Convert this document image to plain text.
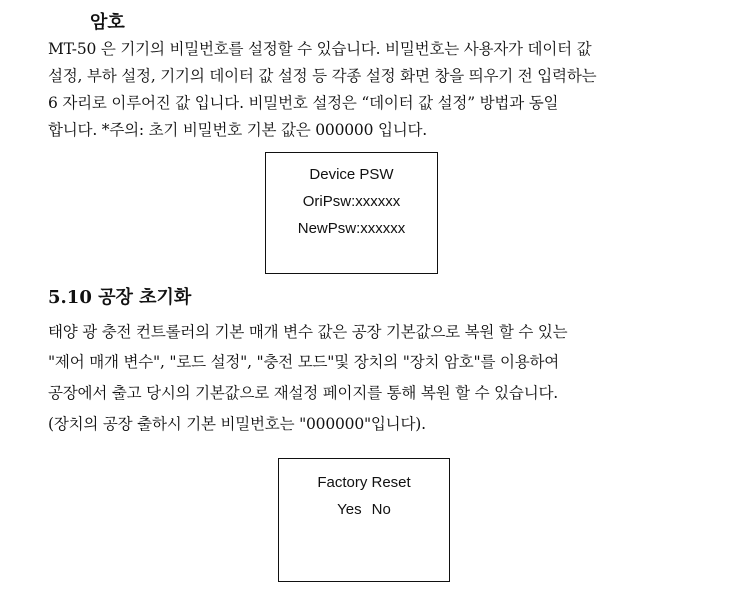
암호
MT-50 은 기기의 비밀번호를 설정할 수 있습니다. 비밀번호는 사용자가 데이터 값
설정, 부하 설정, 기기의 데이터 값 설정 등 각종 설정 화면 창을 띄우기 전 입력하는
6 자리로 이루어진 값 입니다. 비밀번호 설정은 “데이터 값 설정” 방법과 동일
합니다. *주의: 초기 비밀번호 기본 값은 000000 입니다.
Device PSW
OriPsw:xxxxxx
NewPsw:xxxxxx
5.10 공장 초기화
태양 광 충전 컨트롤러의 기본 매개 변수 값은 공장 기본값으로 복원 할 수 있는
"제어 매개 변수", "로드 설정", "충전 모드"및 장치의 "장치 암호"를 이용하여
공장에서 출고 당시의 기본값으로 재설정 페이지를 통해 복원 할 수 있습니다.
(장치의 공장 출하시 기본 비밀번호는 "000000"입니다).
Factory Reset
Yes No
